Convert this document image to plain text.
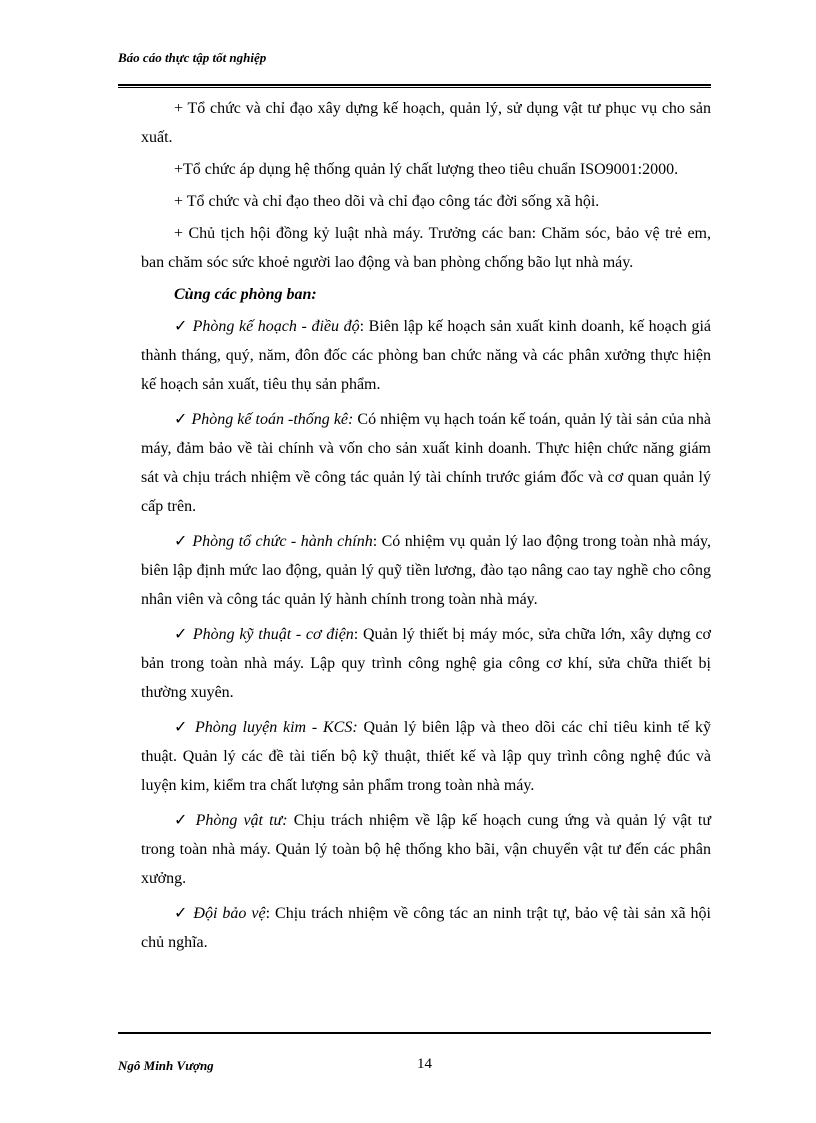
Báo cáo thực tập tốt nghiệp

+ Tổ chức và chỉ đạo xây dựng kế hoạch, quản lý, sử dụng vật tư phục vụ cho sản xuất.

+Tổ chức áp dụng hệ thống quản lý chất lượng theo tiêu chuẩn ISO9001:2000.

+ Tổ chức và chỉ đạo theo dõi và chỉ đạo công tác đời sống xã hội.

+ Chủ tịch hội đồng kỷ luật nhà máy. Trưởng các ban: Chăm sóc, bảo vệ trẻ em, ban chăm sóc sức khoẻ người lao động và ban phòng chống bão lụt nhà máy.

Cùng các phòng ban:

✓ Phòng kế hoạch - điều độ: Biên lập kế hoạch sản xuất kinh doanh, kế hoạch giá thành tháng, quý, năm, đôn đốc các phòng ban chức năng và các phân xưởng thực hiện kế hoạch sản xuất, tiêu thụ sản phẩm.

✓ Phòng kế toán -thống kê: Có nhiệm vụ hạch toán kế toán, quản lý tài sản của nhà máy, đảm bảo về tài chính và vốn cho sản xuất kinh doanh. Thực hiện chức năng giám sát và chịu trách nhiệm về công tác quản lý tài chính trước giám đốc và cơ quan quản lý cấp trên.

✓ Phòng tổ chức - hành chính: Có nhiệm vụ quản lý lao động trong toàn nhà máy, biên lập định mức lao động, quản lý quỹ tiền lương, đào tạo nâng cao tay nghề cho công nhân viên và công tác quản lý hành chính trong toàn nhà máy.

✓ Phòng kỹ thuật - cơ điện: Quản lý thiết bị máy móc, sửa chữa lớn, xây dựng cơ bản trong toàn nhà máy. Lập quy trình công nghệ gia công cơ khí, sửa chữa thiết bị thường xuyên.

✓ Phòng luyện kim - KCS: Quản lý biên lập và theo dõi các chỉ tiêu kinh tế kỹ thuật. Quản lý các đề tài tiến bộ kỹ thuật, thiết kế và lập quy trình công nghệ đúc và luyện kim, kiểm tra chất lượng sản phẩm trong toàn nhà máy.

✓ Phòng vật tư: Chịu trách nhiệm về lập kế hoạch cung ứng và quản lý vật tư trong toàn nhà máy. Quản lý toàn bộ hệ thống kho bãi, vận chuyển vật tư đến các phân xưởng.

✓ Đội bảo vệ: Chịu trách nhiệm về công tác an ninh trật tự, bảo vệ tài sản xã hội chủ nghĩa.

Ngô Minh Vượng	14
